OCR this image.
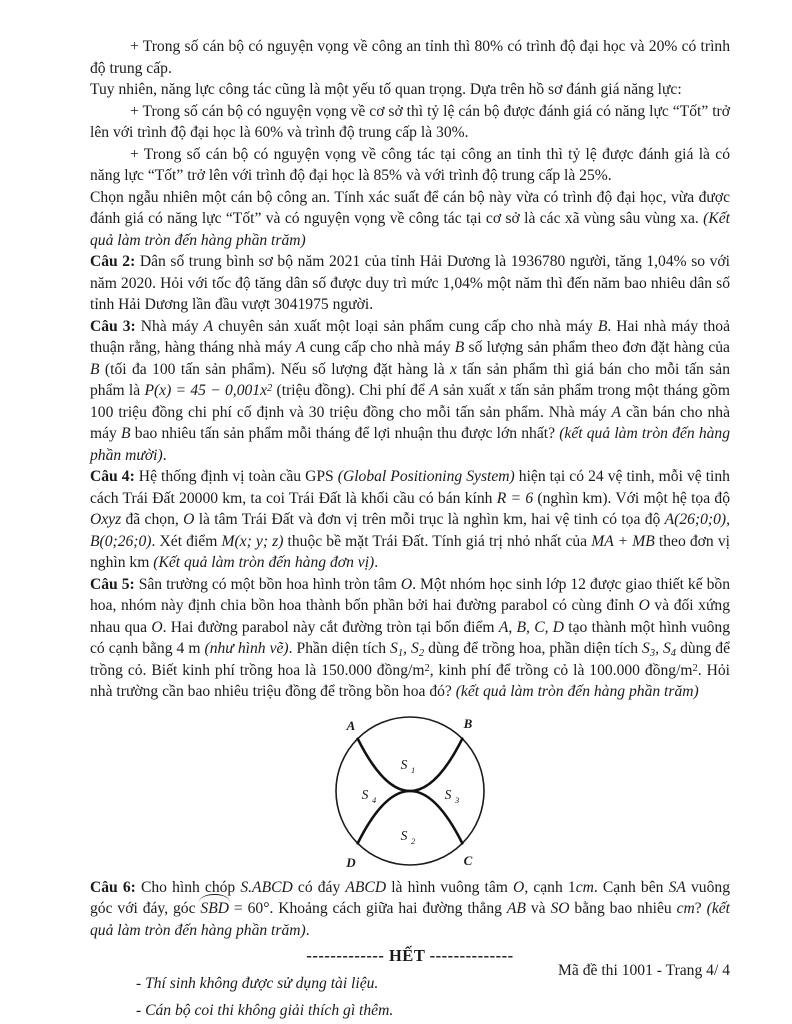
+ Trong số cán bộ có nguyện vọng về công an tỉnh thì 80% có trình độ đại học và 20% có trình độ trung cấp.

Tuy nhiên, năng lực công tác cũng là một yếu tố quan trọng. Dựa trên hồ sơ đánh giá năng lực:

+ Trong số cán bộ có nguyện vọng về cơ sở thì tỷ lệ cán bộ được đánh giá có năng lực “Tốt” trở lên với trình độ đại học là 60% và trình độ trung cấp là 30%.

+ Trong số cán bộ có nguyện vọng về công tác tại công an tỉnh thì tỷ lệ được đánh giá là có năng lực “Tốt” trở lên với trình độ đại học là 85% và với trình độ trung cấp là 25%.

Chọn ngẫu nhiên một cán bộ công an. Tính xác suất để cán bộ này vừa có trình độ đại học, vừa được đánh giá có năng lực “Tốt” và có nguyện vọng về công tác tại cơ sở là các xã vùng sâu vùng xa. (Kết quả làm tròn đến hàng phần trăm)

Câu 2: Dân số trung bình sơ bộ năm 2021 của tỉnh Hải Dương là 1936780 người, tăng 1,04% so với năm 2020. Hỏi với tốc độ tăng dân số được duy trì mức 1,04% một năm thì đến năm bao nhiêu dân số tỉnh Hải Dương lần đầu vượt 3041975 người.

Câu 3: Nhà máy A chuyên sản xuất một loại sản phẩm cung cấp cho nhà máy B. Hai nhà máy thoả thuận rằng, hàng tháng nhà máy A cung cấp cho nhà máy B số lượng sản phẩm theo đơn đặt hàng của B (tối đa 100 tấn sản phẩm). Nếu số lượng đặt hàng là x tấn sản phẩm thì giá bán cho mỗi tấn sản phẩm là $P(x) = 45 - 0,001x^2$ (triệu đồng). Chi phí để A sản xuất x tấn sản phẩm trong một tháng gồm 100 triệu đồng chi phí cố định và 30 triệu đồng cho mỗi tấn sản phẩm. Nhà máy A cần bán cho nhà máy B bao nhiêu tấn sản phẩm mỗi tháng để lợi nhuận thu được lớn nhất? (kết quả làm tròn đến hàng phần mười).

Câu 4: Hệ thống định vị toàn cầu GPS (Global Positioning System) hiện tại có 24 vệ tinh, mỗi vệ tinh cách Trái Đất 20000 km, ta coi Trái Đất là khối cầu có bán kính R = 6 (nghìn km). Với một hệ tọa độ Oxyz đã chọn, O là tâm Trái Đất và đơn vị trên mỗi trục là nghìn km, hai vệ tinh có tọa độ A(26;0;0), B(0;26;0). Xét điểm M(x; y; z) thuộc bề mặt Trái Đất. Tính giá trị nhỏ nhất của MA + MB theo đơn vị nghìn km (Kết quả làm tròn đến hàng đơn vị).

Câu 5: Sân trường có một bồn hoa hình tròn tâm O. Một nhóm học sinh lớp 12 được giao thiết kế bồn hoa, nhóm này định chia bồn hoa thành bốn phần bởi hai đường parabol có cùng đỉnh O và đối xứng nhau qua O. Hai đường parabol này cắt đường tròn tại bốn điểm A, B, C, D tạo thành một hình vuông có cạnh bằng 4 m (như hình vẽ). Phần diện tích $S_1$, $S_2$ dùng để trồng hoa, phần diện tích $S_3$, $S_4$ dùng để trồng cỏ. Biết kinh phí trồng hoa là 150.000 đồng/$m^2$, kinh phí để trồng cỏ là 100.000 đồng/$m^2$. Hỏi nhà trường cần bao nhiêu triệu đồng để trồng bồn hoa đó? (kết quả làm tròn đến hàng phần trăm)

A	B
C
D
S 1
S 2
S 3
S 4

Câu 6: Cho hình chóp S.ABCD có đáy ABCD là hình vuông tâm O, cạnh 1cm. Cạnh bên SA vuông góc với đáy, góc SBD = 60°. Khoảng cách giữa hai đường thẳng AB và SO bằng bao nhiêu cm? (kết quả làm tròn đến hàng phần trăm).

------------- HẾT --------------

- Thí sinh không được sử dụng tài liệu.

- Cán bộ coi thi không giải thích gì thêm.

Mã đề thi 1001 - Trang 4/ 4
